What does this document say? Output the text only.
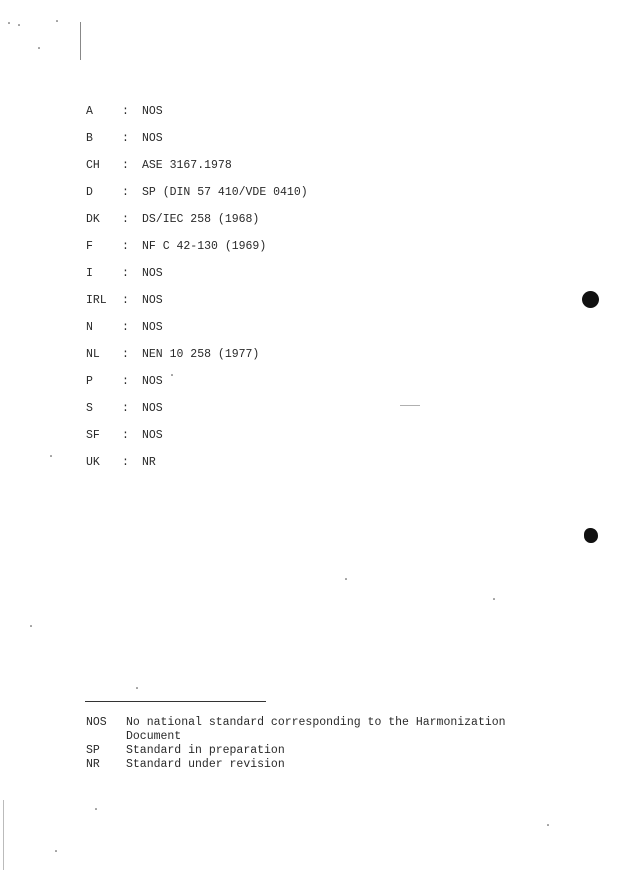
A	: NOS
B	: NOS
CH	: ASE 3167.1978
D	: SP (DIN 57 410/VDE 0410)
DK	: DS/IEC 258 (1968)
F	: NF C 42-130 (1969)
I	: NOS
IRL	: NOS
N	: NOS
NL	: NEN 10 258 (1977)
P	: NOS
S	: NOS
SF	: NOS
UK	: NR
NOS	No national standard corresponding to the Harmonization Document
SP	Standard in preparation
NR	Standard under revision
